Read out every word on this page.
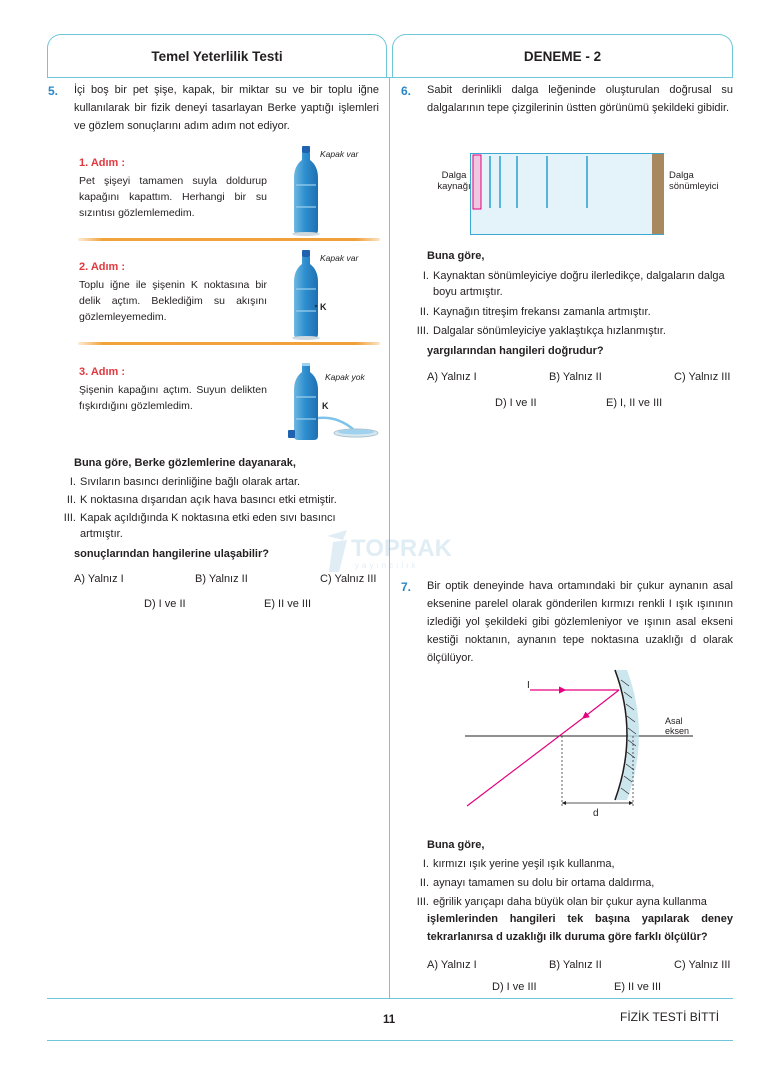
Temel Yeterlilik Testi	DENEME - 2
TOPRAK
yayıncılık
5. İçi boş bir pet şişe, kapak, bir miktar su ve bir toplu iğne kullanılarak bir fizik deneyi tasarlayan Berke yaptığı işlemleri ve gözlem sonuçlarını adım adım not ediyor.
1. Adım :
Pet şişeyi tamamen suyla doldurup kapağını kapattım. Herhangi bir su sızıntısı gözlemlemedim.
Kapak var
2. Adım :
Toplu iğne ile şişenin K noktasına bir delik açtım. Beklediğim su akışını gözlemleyemedim.
Kapak var
K
3. Adım :
Şişenin kapağını açtım. Suyun delikten fışkırdığını gözlemledim.
Kapak yok
K
Buna göre, Berke gözlemlerine dayanarak,
I. Sıvıların basıncı derinliğine bağlı olarak artar.
II. K noktasına dışarıdan açık hava basıncı etki etmiştir.
III. Kapak açıldığında K noktasına etki eden sıvı basıncı artmıştır.
sonuçlarından hangilerine ulaşabilir?
A) Yalnız I	B) Yalnız II	C) Yalnız III
D) I ve II	E) II ve III
6. Sabit derinlikli dalga leğeninde oluşturulan doğrusal su dalgalarının tepe çizgilerinin üstten görünümü şekildeki gibidir.
Dalga
kaynağı
Dalga
sönümleyici
Buna göre,
I. Kaynaktan sönümleyiciye doğru ilerledikçe, dalgaların dalga boyu artmıştır.
II. Kaynağın titreşim frekansı zamanla artmıştır.
III. Dalgalar sönümleyiciye yaklaştıkça hızlanmıştır.
yargılarından hangileri doğrudur?
A) Yalnız I	B) Yalnız II	C) Yalnız III
D) I ve II	E) I, II ve III
7. Bir optik deneyinde hava ortamındaki bir çukur aynanın asal eksenine parelel olarak gönderilen kırmızı renkli I ışık ışınının izlediği yol şekildeki gibi gözlemleniyor ve ışının asal ekseni kestiği noktanın, aynanın tepe noktasına uzaklığı d olarak ölçülüyor.
I
d
Asal
eksen
Buna göre,
I. kırmızı ışık yerine yeşil ışık kullanma,
II. aynayı tamamen su dolu bir ortama daldırma,
III. eğrilik yarıçapı daha büyük olan bir çukur ayna kullanma
işlemlerinden hangileri tek başına yapılarak deney tekrarlanırsa d uzaklığı ilk duruma göre farklı ölçülür?
A) Yalnız I	B) Yalnız II	C) Yalnız III
D) I ve III	E) II ve III
11	FİZİK TESTİ BİTTİ
